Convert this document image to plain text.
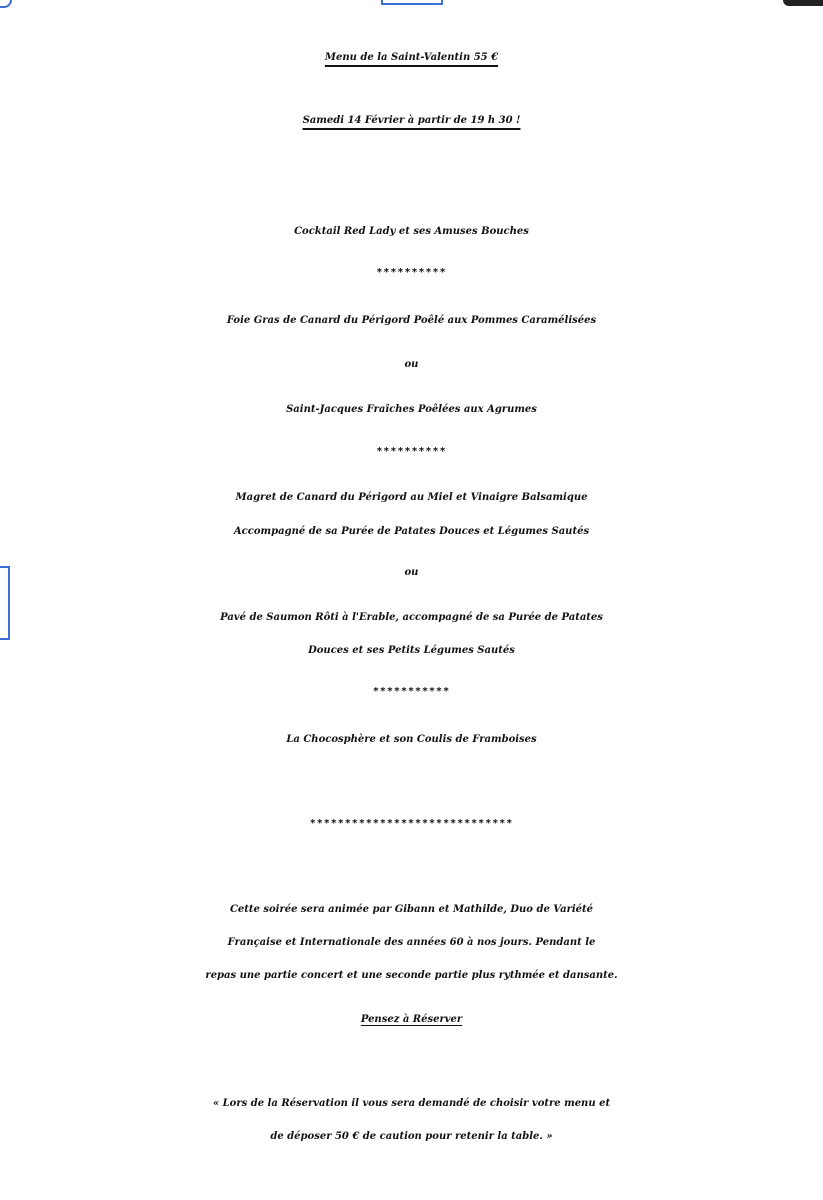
Menu de la Saint-Valentin 55 €
Samedi 14 Février à partir de 19 h 30 !
Cocktail Red Lady et ses Amuses Bouches
**********
Foie Gras de Canard du Périgord Poêlé aux Pommes Caramélisées
ou
Saint-Jacques Fraîches Poêlées aux Agrumes
**********
Magret de Canard du Périgord au Miel et Vinaigre Balsamique
Accompagné de sa Purée de Patates Douces et Légumes Sautés
ou
Pavé de Saumon Rôti à l'Erable, accompagné de sa Purée de Patates
Douces et ses Petits Légumes Sautés
***********
La Chocosphère et son Coulis de Framboises
*****************************
Cette soirée sera animée par Gibann et Mathilde, Duo de Variété
Française et Internationale des années 60 à nos jours. Pendant le
repas une partie concert et une seconde partie plus rythmée et dansante.
Pensez à Réserver
« Lors de la Réservation il vous sera demandé de choisir votre menu et
de déposer 50 € de caution pour retenir la table. »
